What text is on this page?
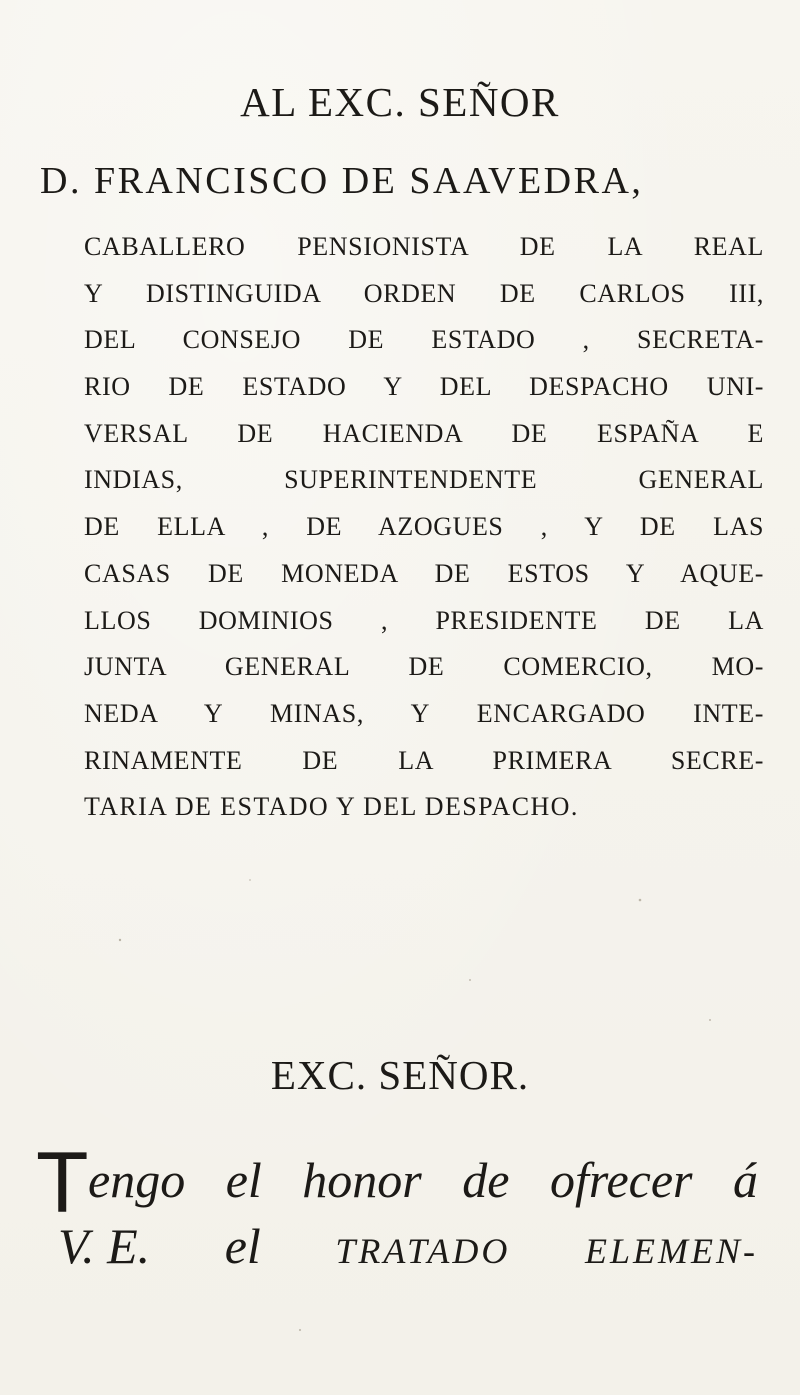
AL EXC. SEÑOR
D. FRANCISCO DE SAAVEDRA,
CABALLERO PENSIONISTA DE LA REAL
Y DISTINGUIDA ORDEN DE CARLOS III,
DEL CONSEJO DE ESTADO , SECRETA-
RIO DE ESTADO Y DEL DESPACHO UNI-
VERSAL DE HACIENDA DE ESPAÑA E
INDIAS, SUPERINTENDENTE GENERAL
DE ELLA , DE AZOGUES , Y DE LAS
CASAS DE MONEDA DE ESTOS Y AQUE-
LLOS DOMINIOS , PRESIDENTE DE LA
JUNTA GENERAL DE COMERCIO, MO-
NEDA Y MINAS, Y ENCARGADO INTE-
RINAMENTE DE LA PRIMERA SECRE-
TARIA DE ESTADO Y DEL DESPACHO.
EXC. SEÑOR.
T engo el honor de ofrecer á
V. E. el TRATADO ELEMEN-
